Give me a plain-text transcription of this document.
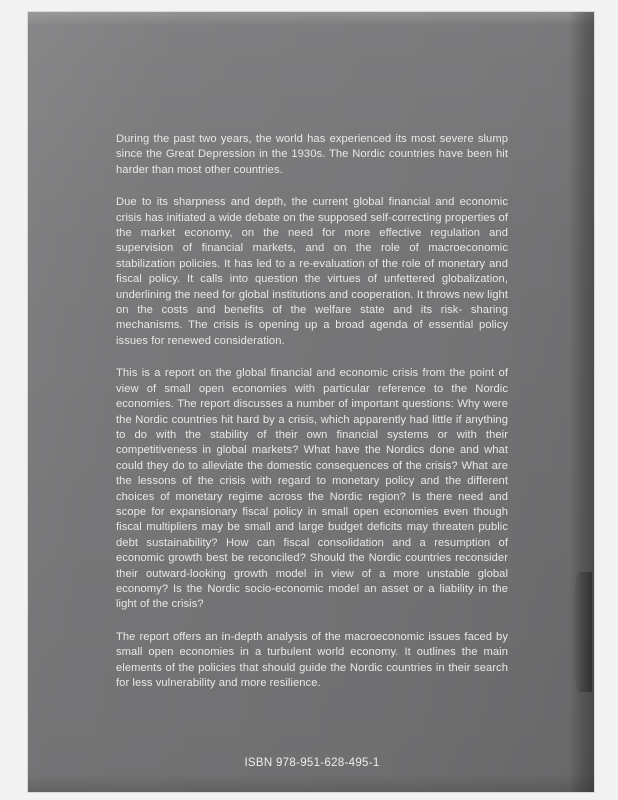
During the past two years, the world has experienced its most severe slump since the Great Depression in the 1930s. The Nordic countries have been hit harder than most other countries.

Due to its sharpness and depth, the current global financial and economic crisis has initiated a wide debate on the supposed self-correcting properties of the market economy, on the need for more effective regulation and supervision of financial markets, and on the role of macroeconomic stabilization policies. It has led to a re-evaluation of the role of monetary and fiscal policy. It calls into question the virtues of unfettered globalization, underlining the need for global institutions and cooperation. It throws new light on the costs and benefits of the welfare state and its risk- sharing mechanisms. The crisis is opening up a broad agenda of essential policy issues for renewed consideration.

This is a report on the global financial and economic crisis from the point of view of small open economies with particular reference to the Nordic economies. The report discusses a number of important questions: Why were the Nordic countries hit hard by a crisis, which apparently had little if anything to do with the stability of their own financial systems or with their competitiveness in global markets? What have the Nordics done and what could they do to alleviate the domestic consequences of the crisis? What are the lessons of the crisis with regard to monetary policy and the different choices of monetary regime across the Nordic region? Is there need and scope for expansionary fiscal policy in small open economies even though fiscal multipliers may be small and large budget deficits may threaten public debt sustainability? How can fiscal consolidation and a resumption of economic growth best be reconciled? Should the Nordic countries reconsider their outward-looking growth model in view of a more unstable global economy? Is the Nordic socio-economic model an asset or a liability in the light of the crisis?

The report offers an in-depth analysis of the macroeconomic issues faced by small open economies in a turbulent world economy. It outlines the main elements of the policies that should guide the Nordic countries in their search for less vulnerability and more resilience.

ISBN 978-951-628-495-1
